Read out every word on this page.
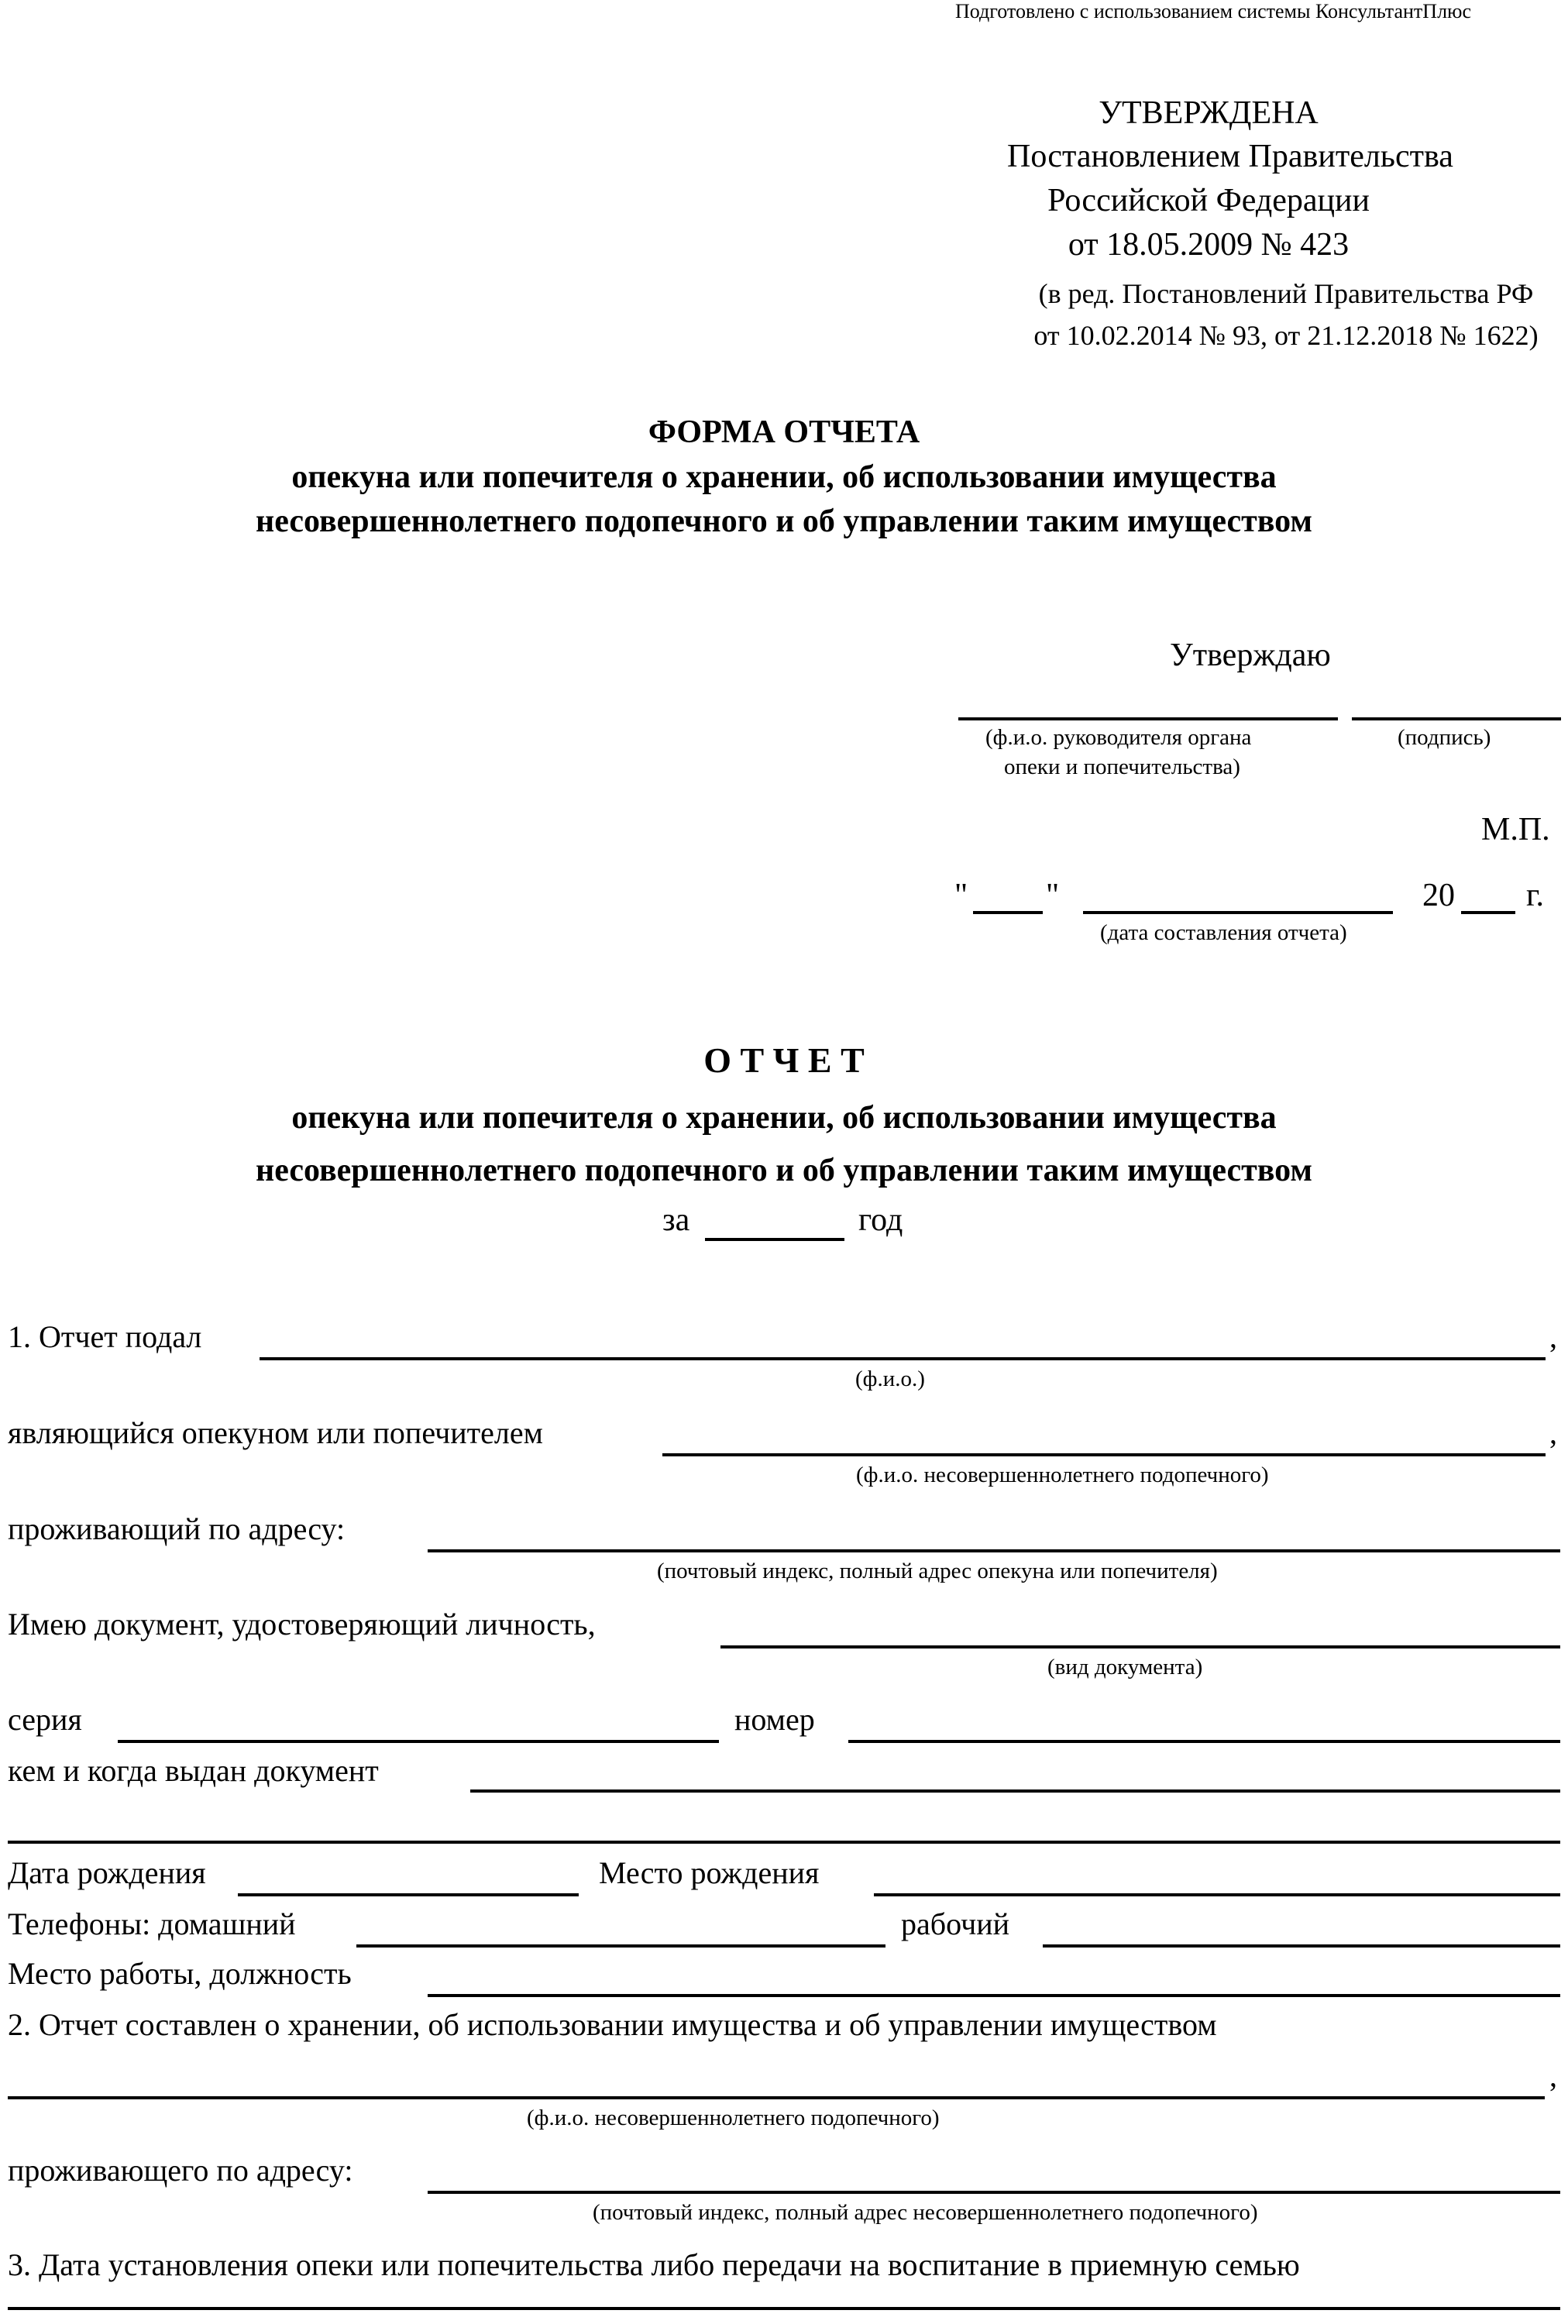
Подготовлено с использованием системы КонсультантПлюс
УТВЕРЖДЕНА
Постановлением Правительства
Российской Федерации
от 18.05.2009 № 423
(в ред. Постановлений Правительства РФ
от 10.02.2014 № 93, от 21.12.2018 № 1622)
ФОРМА ОТЧЕТА
опекуна или попечителя о хранении, об использовании имущества
несовершеннолетнего подопечного и об управлении таким имуществом
Утверждаю
(ф.и.о. руководителя органа
опеки и попечительства)
(подпись)
М.П.
" "	20 г.
(дата составления отчета)
О Т Ч Е Т
опекуна или попечителя о хранении, об использовании имущества
несовершеннолетнего подопечного и об управлении таким имуществом
за	год
1. Отчет подал	,
(ф.и.о.)
являющийся опекуном или попечителем	,
(ф.и.о. несовершеннолетнего подопечного)
проживающий по адресу:
(почтовый индекс, полный адрес опекуна или попечителя)
Имею документ, удостоверяющий личность,
(вид документа)
серия	номер
кем и когда выдан документ
Дата рождения	Место рождения
Телефоны: домашний	рабочий
Место работы, должность
2. Отчет составлен о хранении, об использовании имущества и об управлении имуществом
,
(ф.и.о. несовершеннолетнего подопечного)
проживающего по адресу:
(почтовый индекс, полный адрес несовершеннолетнего подопечного)
3. Дата установления опеки или попечительства либо передачи на воспитание в приемную семью
